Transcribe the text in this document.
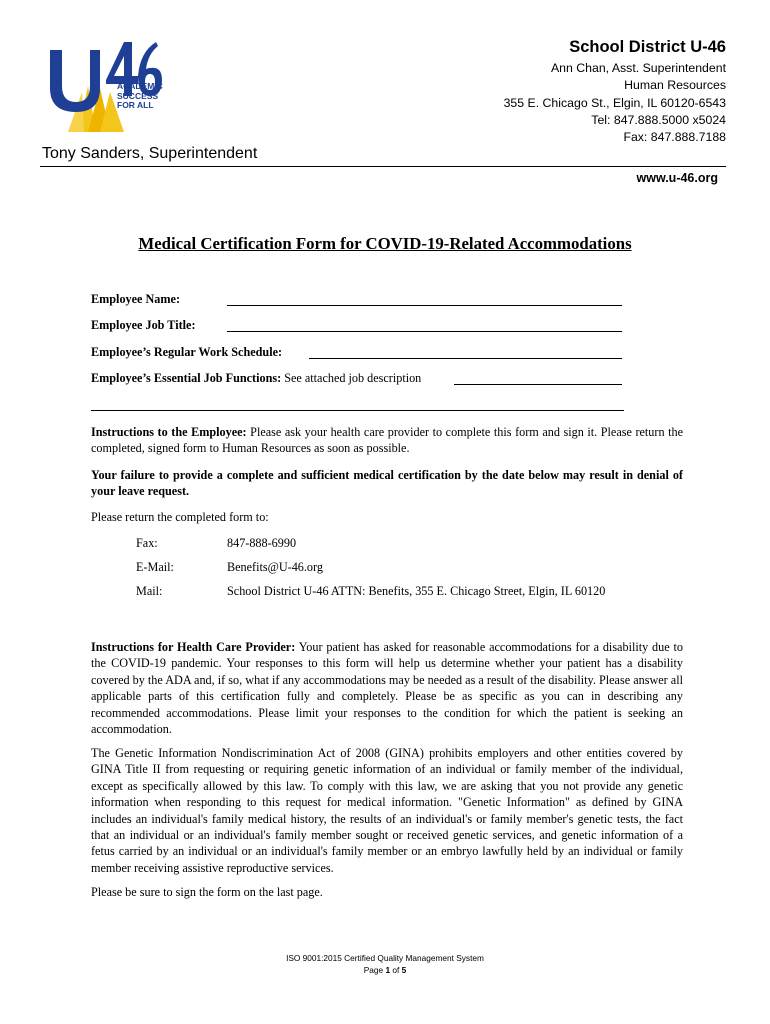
ACADEMIC
SUCCESS
FOR ALL
School District U-46
Ann Chan, Asst. Superintendent
Human Resources
355 E. Chicago St., Elgin, IL 60120-6543
Tel: 847.888.5000 x5024
Fax: 847.888.7188
Tony Sanders, Superintendent
www.u-46.org
Medical Certification Form for COVID-19-Related Accommodations
Employee Name:
Employee Job Title:
Employee’s Regular Work Schedule:
Employee’s Essential Job Functions: See attached job description
Instructions to the Employee: Please ask your health care provider to complete this form and sign it. Please return the completed, signed form to Human Resources as soon as possible.
Your failure to provide a complete and sufficient medical certification by the date below may result in denial of your leave request.
Please return the completed form to:
Fax:	847-888-6990
E-Mail:	Benefits@U-46.org
Mail:	School District U-46 ATTN: Benefits, 355 E. Chicago Street, Elgin, IL 60120
Instructions for Health Care Provider: Your patient has asked for reasonable accommodations for a disability due to the COVID-19 pandemic. Your responses to this form will help us determine whether your patient has a disability covered by the ADA and, if so, what if any accommodations may be needed as a result of the disability. Please answer all applicable parts of this certification fully and completely. Please be as specific as you can in describing any recommended accommodations. Please limit your responses to the condition for which the patient is seeking an accommodation.
The Genetic Information Nondiscrimination Act of 2008 (GINA) prohibits employers and other entities covered by GINA Title II from requesting or requiring genetic information of an individual or family member of the individual, except as specifically allowed by this law. To comply with this law, we are asking that you not provide any genetic information when responding to this request for medical information. "Genetic Information" as defined by GINA includes an individual's family medical history, the results of an individual's or family member's genetic tests, the fact that an individual or an individual's family member sought or received genetic services, and genetic information of a fetus carried by an individual or an individual's family member or an embryo lawfully held by an individual or family member receiving assistive reproductive services.
Please be sure to sign the form on the last page.
ISO 9001:2015 Certified Quality Management System
Page 1 of 5
